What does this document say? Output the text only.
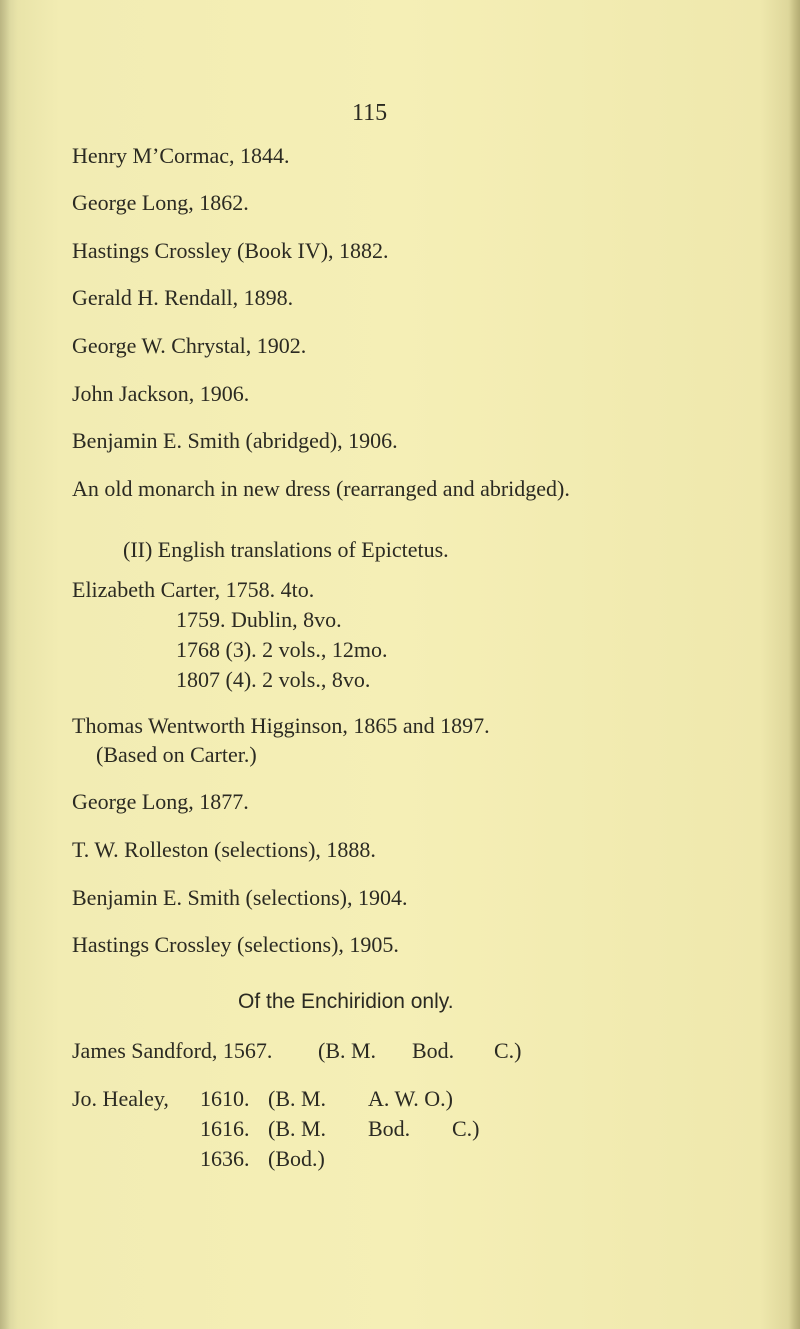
115
Henry M’Cormac, 1844.
George Long, 1862.
Hastings Crossley (Book IV), 1882.
Gerald H. Rendall, 1898.
George W. Chrystal, 1902.
John Jackson, 1906.
Benjamin E. Smith (abridged), 1906.
An old monarch in new dress (rearranged and abridged).
(II) English translations of Epictetus.
Elizabeth Carter, 1758. 4to.
1759. Dublin, 8vo.
1768 (3). 2 vols., 12mo.
1807 (4). 2 vols., 8vo.
Thomas Wentworth Higginson, 1865 and 1897.
(Based on Carter.)
George Long, 1877.
T. W. Rolleston (selections), 1888.
Benjamin E. Smith (selections), 1904.
Hastings Crossley (selections), 1905.
Of the Enchiridion only.
James Sandford, 1567. (B. M. Bod. C.)
Jo. Healey, 1610. (B. M. A. W. O.)
1616. (B. M. Bod. C.)
1636. (Bod.)
